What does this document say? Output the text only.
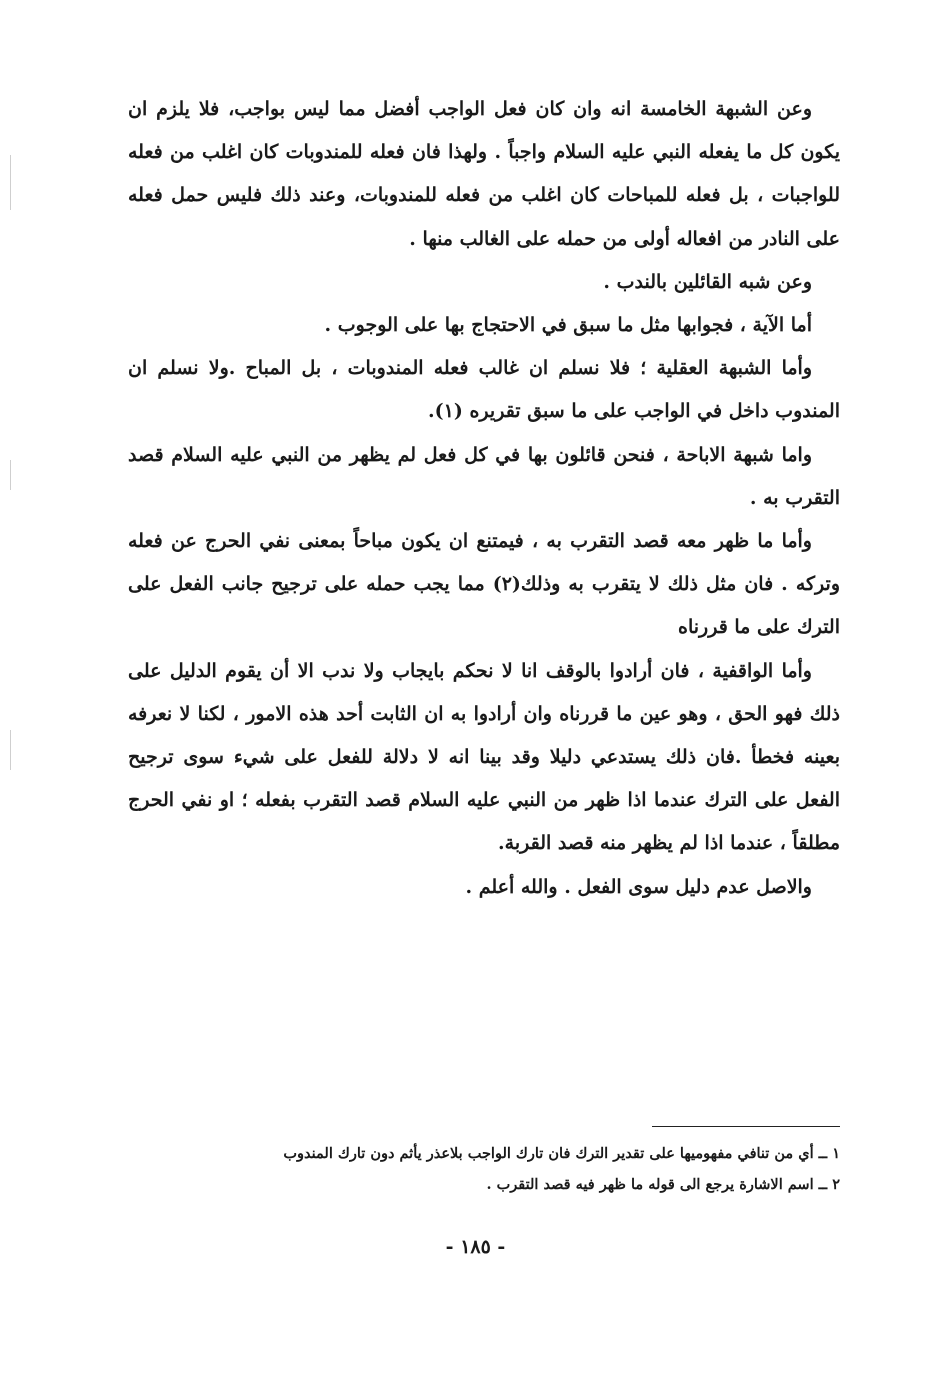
وعن الشبهة الخامسة انه وان كان فعل الواجب أفضل مما ليس بواجب، فلا يلزم ان يكون كل ما يفعله النبي عليه السلام واجباً . ولهذا فان فعله للمندوبات كان اغلب من فعله للواجبات ، بل فعله للمباحات كان اغلب من فعله للمندوبات، وعند ذلك فليس حمل فعله على النادر من افعاله أولى من حمله على الغالب منها .

وعن شبه القائلين بالندب .

أما الآية ، فجوابها مثل ما سبق في الاحتجاج بها على الوجوب .

وأما الشبهة العقلية ؛ فلا نسلم ان غالب فعله المندوبات ، بل المباح .ولا نسلم ان المندوب داخل في الواجب على ما سبق تقريره (١).

واما شبهة الاباحة ، فنحن قائلون بها في كل فعل لم يظهر من النبي عليه السلام قصد التقرب به .

وأما ما ظهر معه قصد التقرب به ، فيمتنع ان يكون مباحاً بمعنى نفي الحرج عن فعله وتركه . فان مثل ذلك لا يتقرب به وذلك(٢) مما يجب حمله على ترجيح جانب الفعل على الترك على ما قررناه

وأما الواقفية ، فان أرادوا بالوقف انا لا نحكم بايجاب ولا ندب الا أن يقوم الدليل على ذلك فهو الحق ، وهو عين ما قررناه وان أرادوا به ان الثابت أحد هذه الامور ، لكنا لا نعرفه بعينه فخطأ .فان ذلك يستدعي دليلا وقد بينا انه لا دلالة للفعل على شيء سوى ترجيح الفعل على الترك عندما اذا ظهر من النبي عليه السلام قصد التقرب بفعله ؛ او نفي الحرج مطلقاً ، عندما اذا لم يظهر منه قصد القربة.

والاصل عدم دليل سوى الفعل . والله أعلم .

١ ــ أي من تنافي مفهوميها على تقدير الترك فان تارك الواجب بلاعذر يأثم دون تارك المندوب

٢ ــ اسم الاشارة يرجع الى قوله ما ظهر فيه قصد التقرب .

- ١٨٥ -
